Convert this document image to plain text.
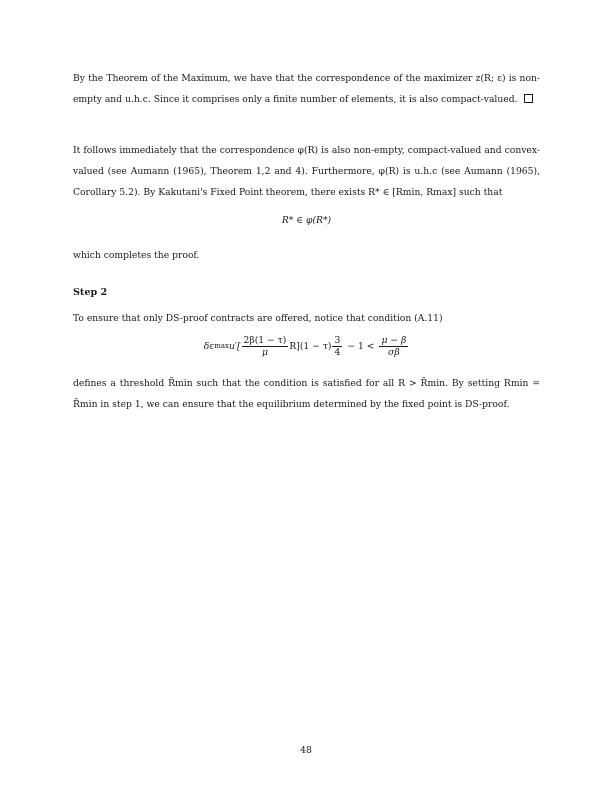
By the Theorem of the Maximum, we have that the correspondence of the maximizer z(R; ε) is non-
empty and u.h.c. Since it comprises only a finite number of elements, it is also compact-valued.

It follows immediately that the correspondence φ(R) is also non-empty, compact-valued and convex-
valued (see Aumann (1965), Theorem 1,2 and 4). Furthermore, φ(R) is u.h.c (see Aumann (1965),
Corollary 5.2). By Kakutani's Fixed Point theorem, there exists R* ∈ [Rmin, Rmax] such that

R* ∈ φ(R*)

which completes the proof.

Step 2

To ensure that only DS-proof contracts are offered, notice that condition (A.11)

δε $\max u'[ \frac{2\beta(1 - \tau)}{\mu} R](1 - \tau) \frac{3}{4} - 1 < \frac{\mu - \beta}{\sigma\beta}$

defines a threshold R̄min such that the condition is satisfied for all R > R̄min. By setting Rmin =
R̄min in step 1, we can ensure that the equilibrium determined by the fixed point is DS-proof.

48
